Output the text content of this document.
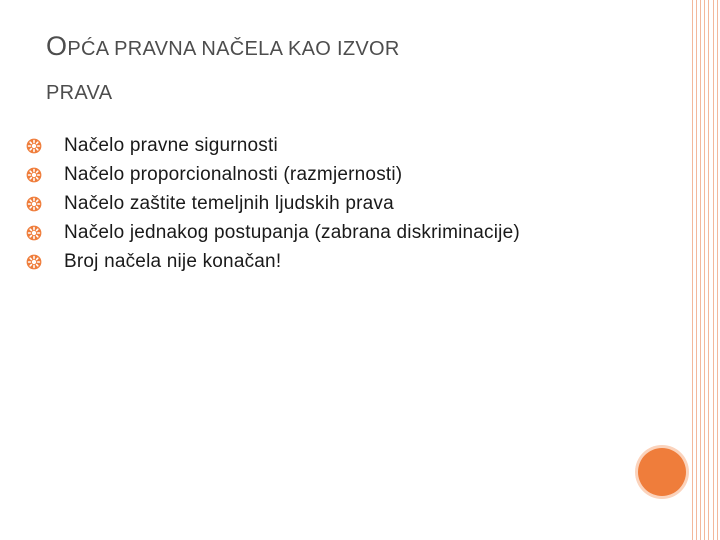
OPĆA PRAVNA NAČELA KAO IZVOR
PRAVA
Načelo pravne sigurnosti
Načelo proporcionalnosti (razmjernosti)
Načelo zaštite temeljnih ljudskih prava
Načelo jednakog postupanja (zabrana diskriminacije)
Broj načela nije konačan!
